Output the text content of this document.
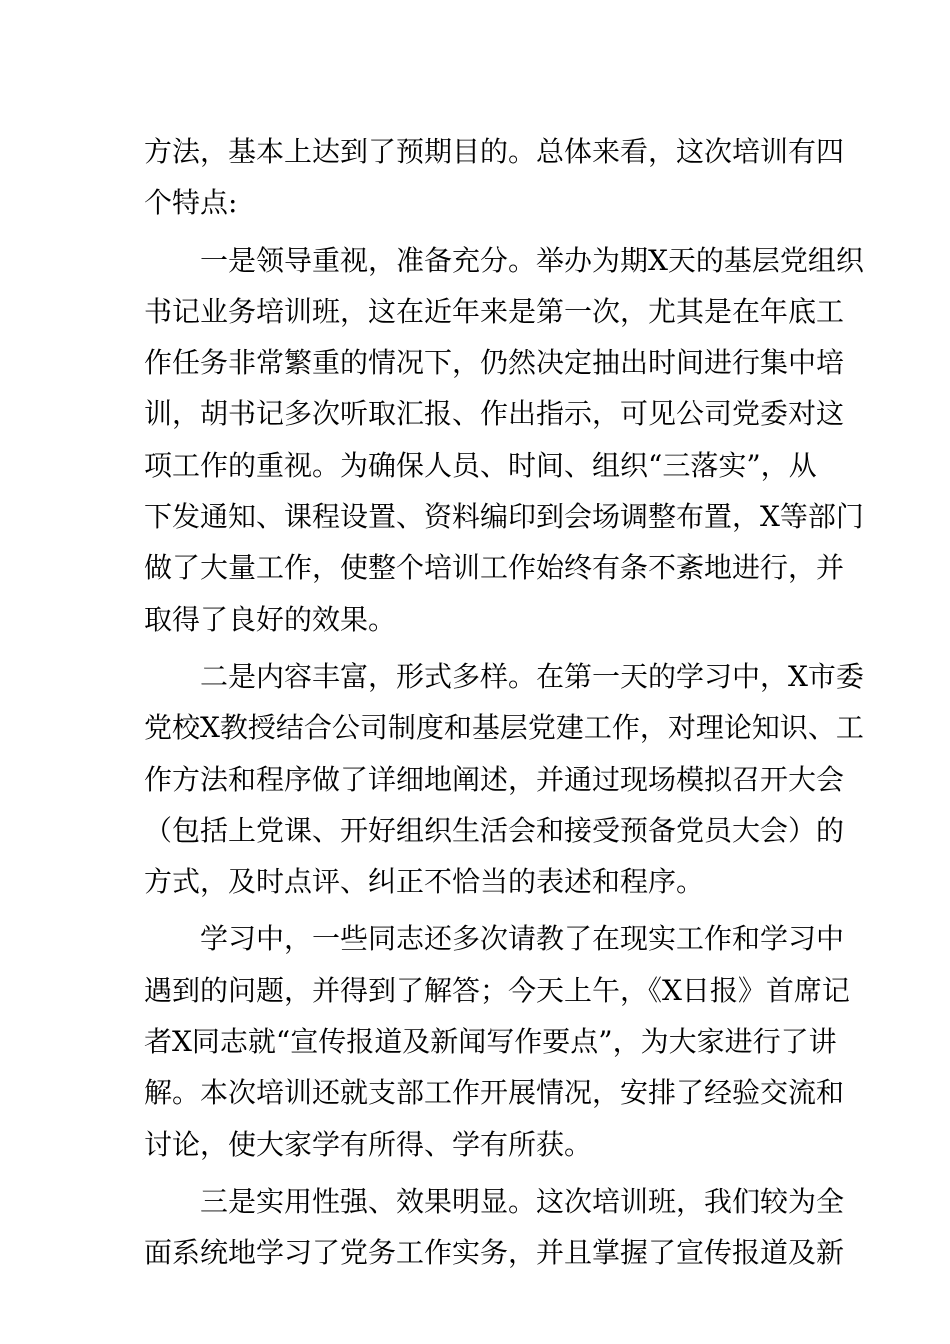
方法，基本上达到了预期目的。总体来看，这次培训有四
个特点:
一是领导重视，准备充分。举办为期X天的基层党组织
书记业务培训班，这在近年来是第一次，尤其是在年底工
作任务非常繁重的情况下，仍然决定抽出时间进行集中培
训，胡书记多次听取汇报、作出指示，可见公司党委对这
项工作的重视。为确保人员、时间、组织“三落实”，从
下发通知、课程设置、资料编印到会场调整布置，X等部门
做了大量工作，使整个培训工作始终有条不紊地进行，并
取得了良好的效果。
二是内容丰富，形式多样。在第一天的学习中，X市委
党校X教授结合公司制度和基层党建工作，对理论知识、工
作方法和程序做了详细地阐述，并通过现场模拟召开大会
（包括上党课、开好组织生活会和接受预备党员大会）的
方式，及时点评、纠正不恰当的表述和程序。
学习中，一些同志还多次请教了在现实工作和学习中
遇到的问题，并得到了解答；今天上午，《X日报》首席记
者X同志就“宣传报道及新闻写作要点”，为大家进行了讲
解。本次培训还就支部工作开展情况，安排了经验交流和
讨论，使大家学有所得、学有所获。
三是实用性强、效果明显。这次培训班，我们较为全
面系统地学习了党务工作实务，并且掌握了宣传报道及新
